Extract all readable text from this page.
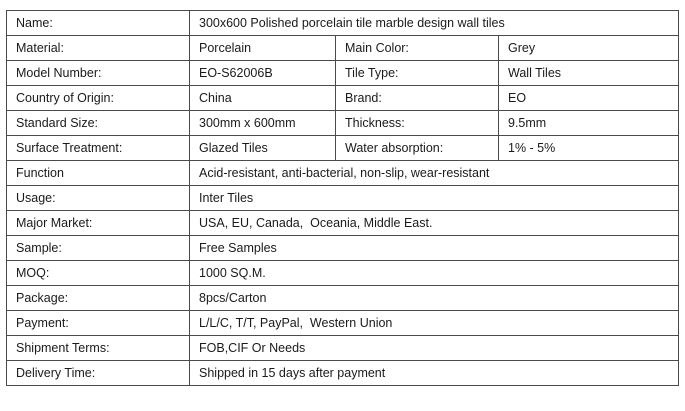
Name:	300x600 Polished porcelain tile marble design wall tiles		
Material:	Porcelain	Main Color:	Grey
Model Number:	EO-S62006B	Tile Type:	Wall Tiles
Country of Origin:	China	Brand:	EO
Standard Size:	300mm x 600mm	Thickness:	9.5mm
Surface Treatment:	Glazed Tiles	Water absorption:	1% - 5%
Function	Acid-resistant, anti-bacterial, non-slip, wear-resistant		
Usage:	Inter Tiles		
Major Market:	USA, EU, Canada,  Oceania, Middle East.		
Sample:	Free Samples		
MOQ:	1000 SQ.M.		
Package:	8pcs/Carton		
Payment:	L/L/C, T/T, PayPal,  Western Union		
Shipment Terms:	FOB,CIF Or Needs		
Delivery Time:	Shipped in 15 days after payment		
